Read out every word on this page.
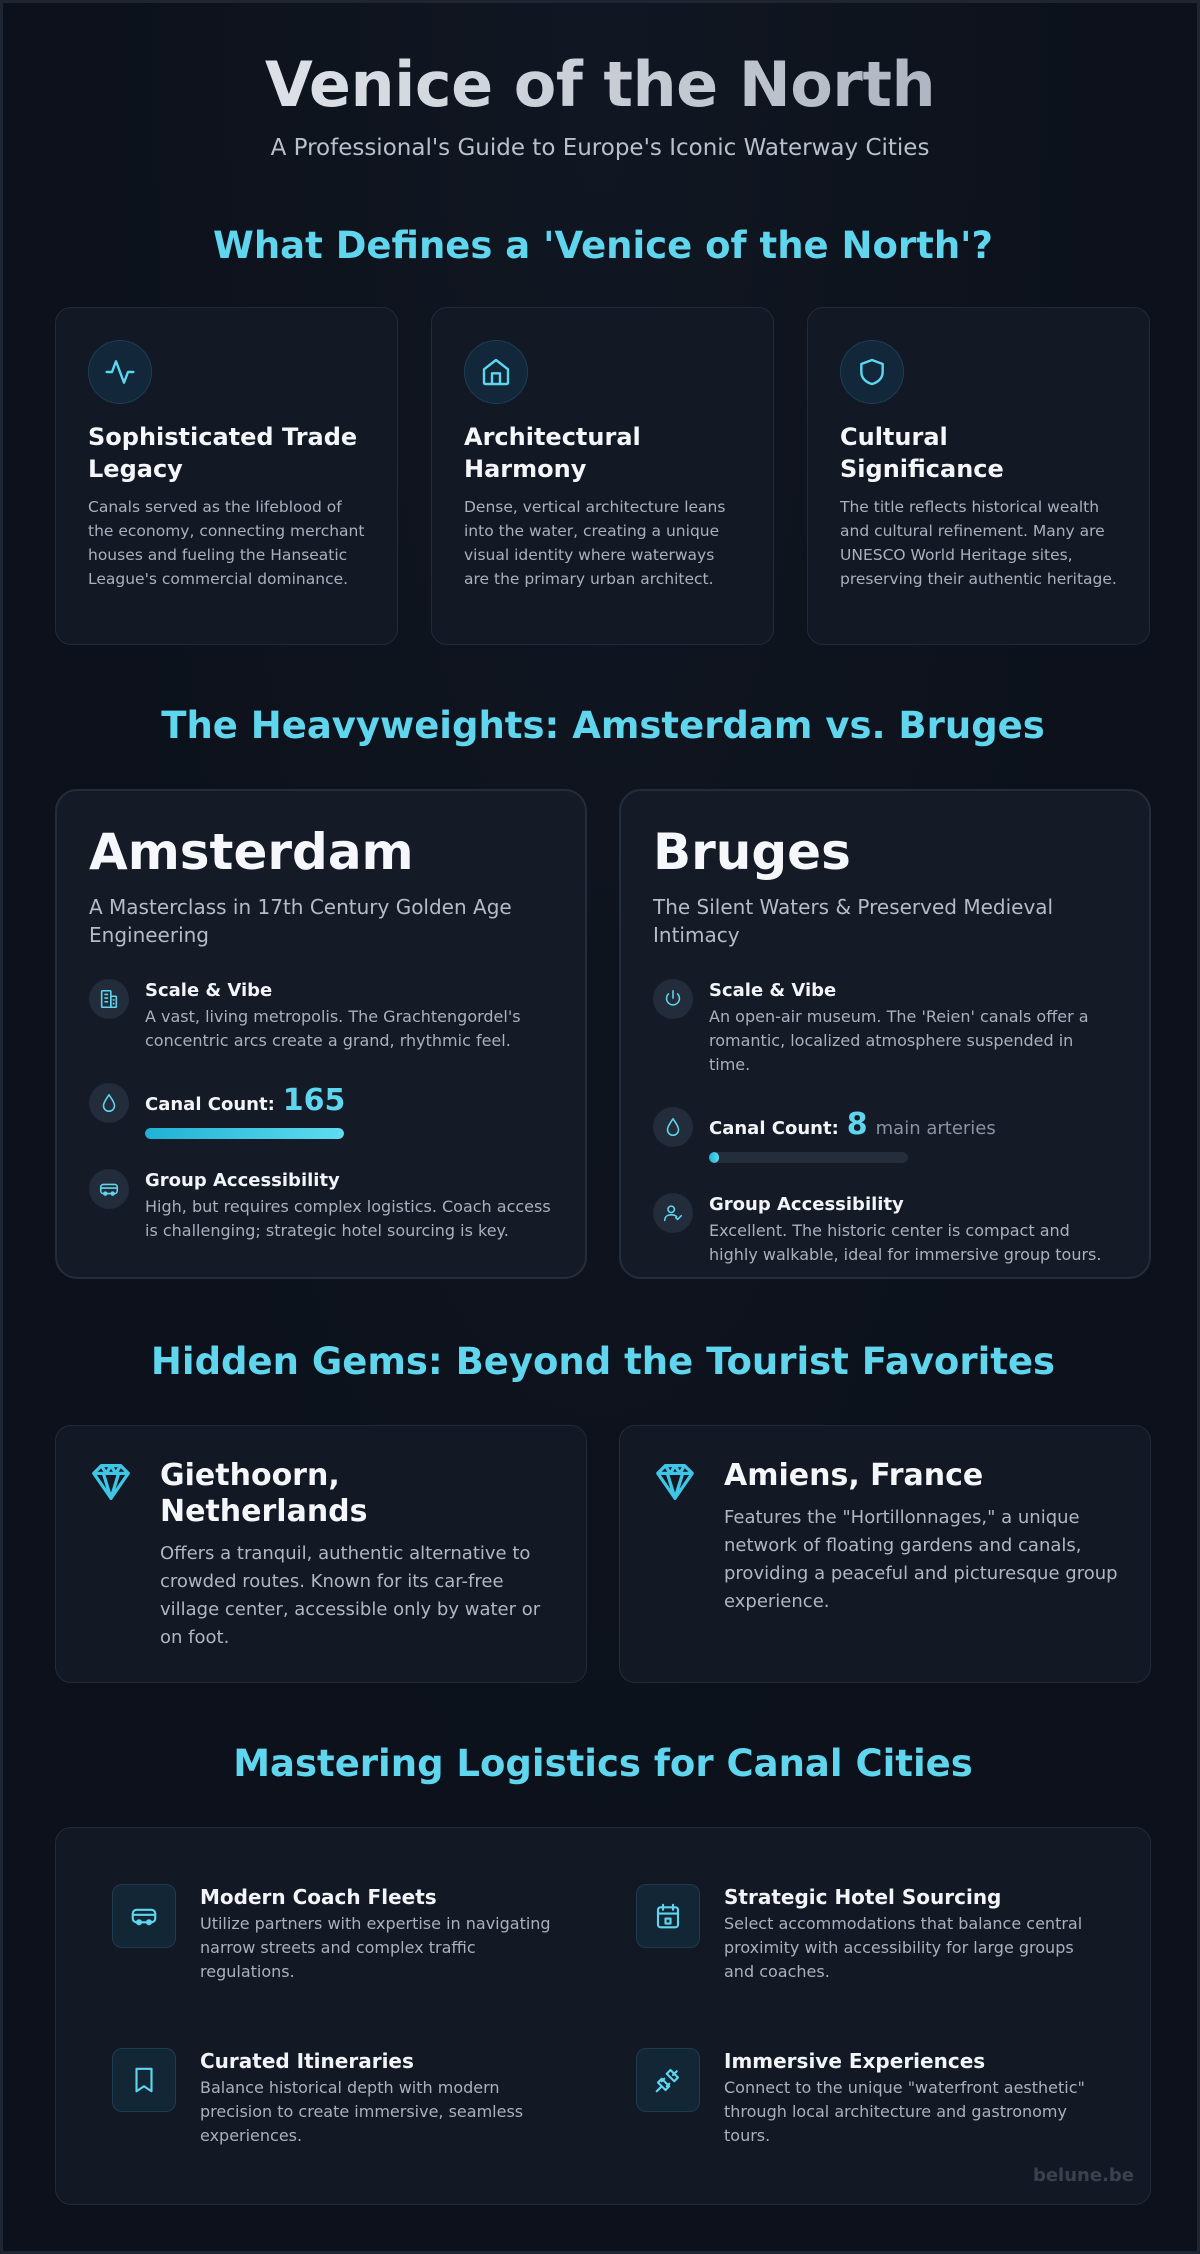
Venice of the North
A Professional's Guide to Europe's Iconic Waterway Cities
What Defines a 'Venice of the North'?
Sophisticated Trade Legacy

Canals served as the lifeblood of the economy, connecting merchant houses and fueling the Hanseatic League's commercial dominance.

Architectural Harmony

Dense, vertical architecture leans into the water, creating a unique visual identity where waterways are the primary urban architect.

Cultural Significance

The title reflects historical wealth and cultural refinement. Many are UNESCO World Heritage sites, preserving their authentic heritage.

The Heavyweights: Amsterdam vs. Bruges
Amsterdam
A Masterclass in 17th Century Golden Age Engineering
Scale & Vibe

A vast, living metropolis. The Grachtengordel's concentric arcs create a grand, rhythmic feel.

Canal Count: 165
Group Accessibility

High, but requires complex logistics. Coach access is challenging; strategic hotel sourcing is key.

Bruges
The Silent Waters & Preserved Medieval Intimacy
Scale & Vibe

An open-air museum. The 'Reien' canals offer a romantic, localized atmosphere suspended in time.

Canal Count: 8 main arteries
Group Accessibility

Excellent. The historic center is compact and highly walkable, ideal for immersive group tours.

Hidden Gems: Beyond the Tourist Favorites
Giethoorn, Netherlands

Offers a tranquil, authentic alternative to crowded routes. Known for its car-free village center, accessible only by water or on foot.

Amiens, France

Features the "Hortillonnages," a unique network of floating gardens and canals, providing a peaceful and picturesque group experience.

Mastering Logistics for Canal Cities
Modern Coach Fleets

Utilize partners with expertise in navigating narrow streets and complex traffic regulations.

Strategic Hotel Sourcing

Select accommodations that balance central proximity with accessibility for large groups and coaches.

Curated Itineraries

Balance historical depth with modern precision to create immersive, seamless experiences.

Immersive Experiences

Connect to the unique "waterfront aesthetic" through local architecture and gastronomy tours.

belune.be
